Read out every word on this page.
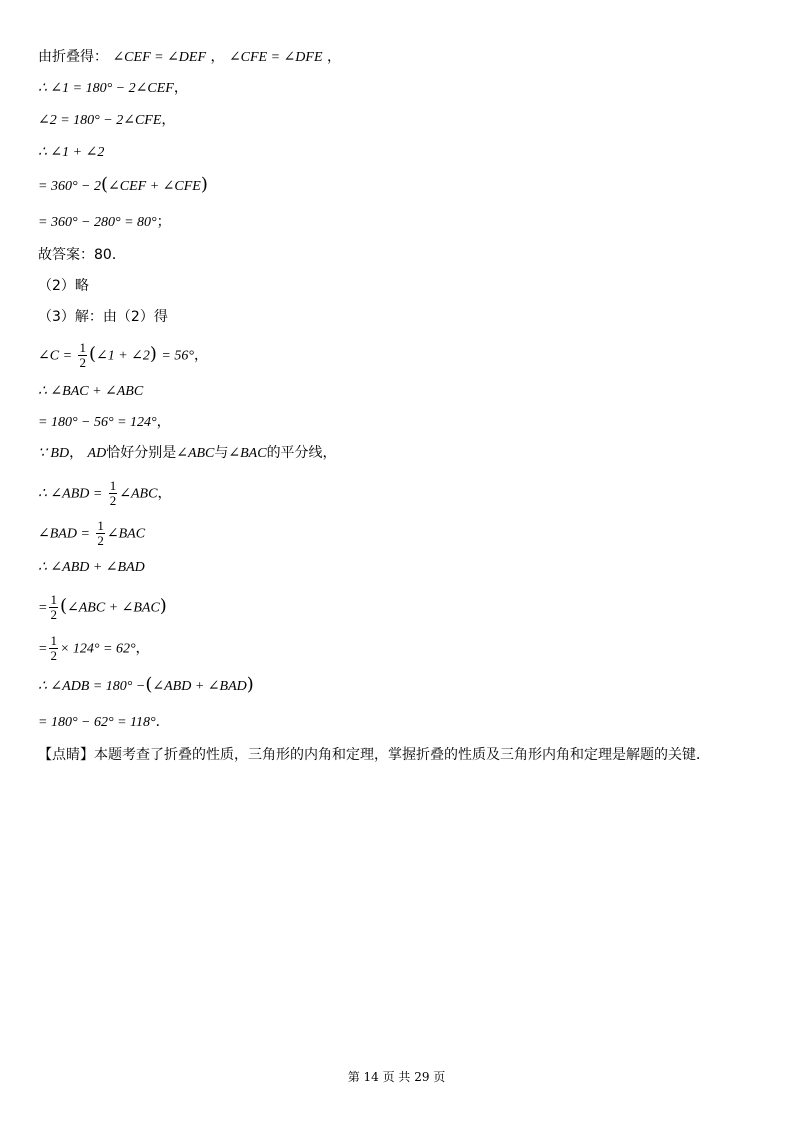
由折叠得： ∠CEF = ∠DEF ， ∠CFE = ∠DFE ，
∴ ∠1 = 180° − 2∠CEF，
∠2 = 180° − 2∠CFE，
∴ ∠1 + ∠2
= 360° − 2(∠CEF + ∠CFE)
= 360° − 280° = 80°；
故答案：80．
（2）略
（3）解：由（2）得
∠C = $\frac{1}{2}$ (∠1 + ∠2) = 56°，
∴ ∠BAC + ∠ABC
= 180° − 56° = 124°，
∵ BD， AD恰好分别是∠ABC与∠BAC的平分线，
∴ ∠ABD = $\frac{1}{2}$ ∠ABC，
∠BAD = $\frac{1}{2}$ ∠BAC
∴ ∠ABD + ∠BAD
= $\frac{1}{2}$ (∠ABC + ∠BAC)
= $\frac{1}{2} \times 124^\circ = 62^\circ$，
∴ ∠ADB = 180° −(∠ABD + ∠BAD)
= 180° − 62° = 118°．
【点睛】本题考查了折叠的性质，三角形的内角和定理，掌握折叠的性质及三角形内角和定理是解题的关键．
第 14 页 共 29 页
